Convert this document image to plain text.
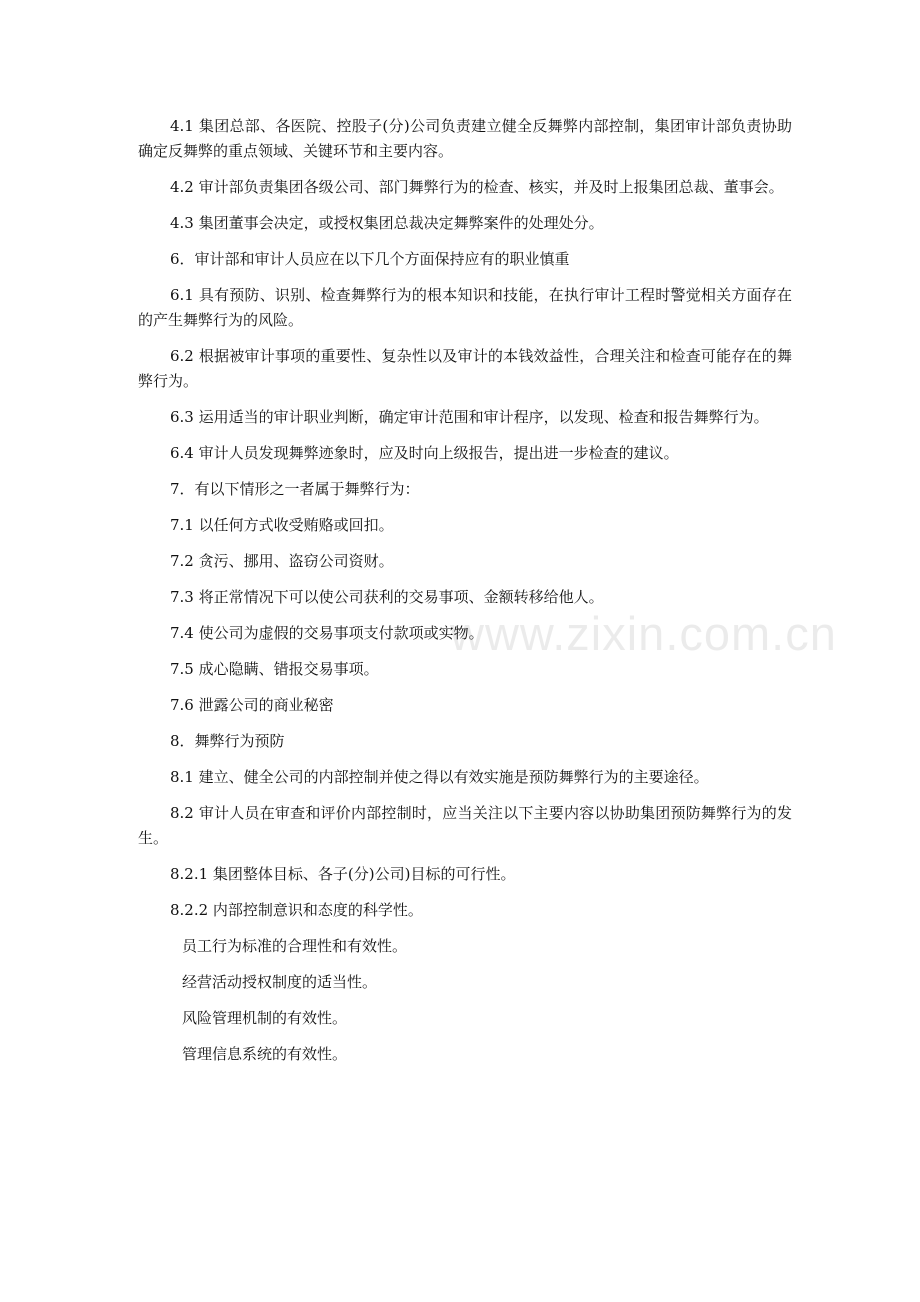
4.1 集团总部、各医院、控股子(分)公司负责建立健全反舞弊内部控制，集团审计部负责协助确定反舞弊的重点领域、关键环节和主要内容。

4.2 审计部负责集团各级公司、部门舞弊行为的检查、核实，并及时上报集团总裁、董事会。

4.3 集团董事会决定，或授权集团总裁决定舞弊案件的处理处分。

6．审计部和审计人员应在以下几个方面保持应有的职业慎重

6.1 具有预防、识别、检查舞弊行为的根本知识和技能，在执行审计工程时警觉相关方面存在的产生舞弊行为的风险。

6.2 根据被审计事项的重要性、复杂性以及审计的本钱效益性，合理关注和检查可能存在的舞弊行为。

6.3 运用适当的审计职业判断，确定审计范围和审计程序，以发现、检查和报告舞弊行为。

6.4 审计人员发现舞弊迹象时，应及时向上级报告，提出进一步检查的建议。

7．有以下情形之一者属于舞弊行为：

7.1 以任何方式收受贿赂或回扣。

7.2 贪污、挪用、盗窃公司资财。

7.3 将正常情况下可以使公司获利的交易事项、金额转移给他人。

7.4 使公司为虚假的交易事项支付款项或实物。

7.5 成心隐瞒、错报交易事项。

7.6 泄露公司的商业秘密

8．舞弊行为预防

8.1 建立、健全公司的内部控制并使之得以有效实施是预防舞弊行为的主要途径。

8.2 审计人员在审查和评价内部控制时，应当关注以下主要内容以协助集团预防舞弊行为的发生。

8.2.1 集团整体目标、各子(分)公司)目标的可行性。

8.2.2 内部控制意识和态度的科学性。

员工行为标准的合理性和有效性。

经营活动授权制度的适当性。

风险管理机制的有效性。

管理信息系统的有效性。

www.zixin.com.cn
